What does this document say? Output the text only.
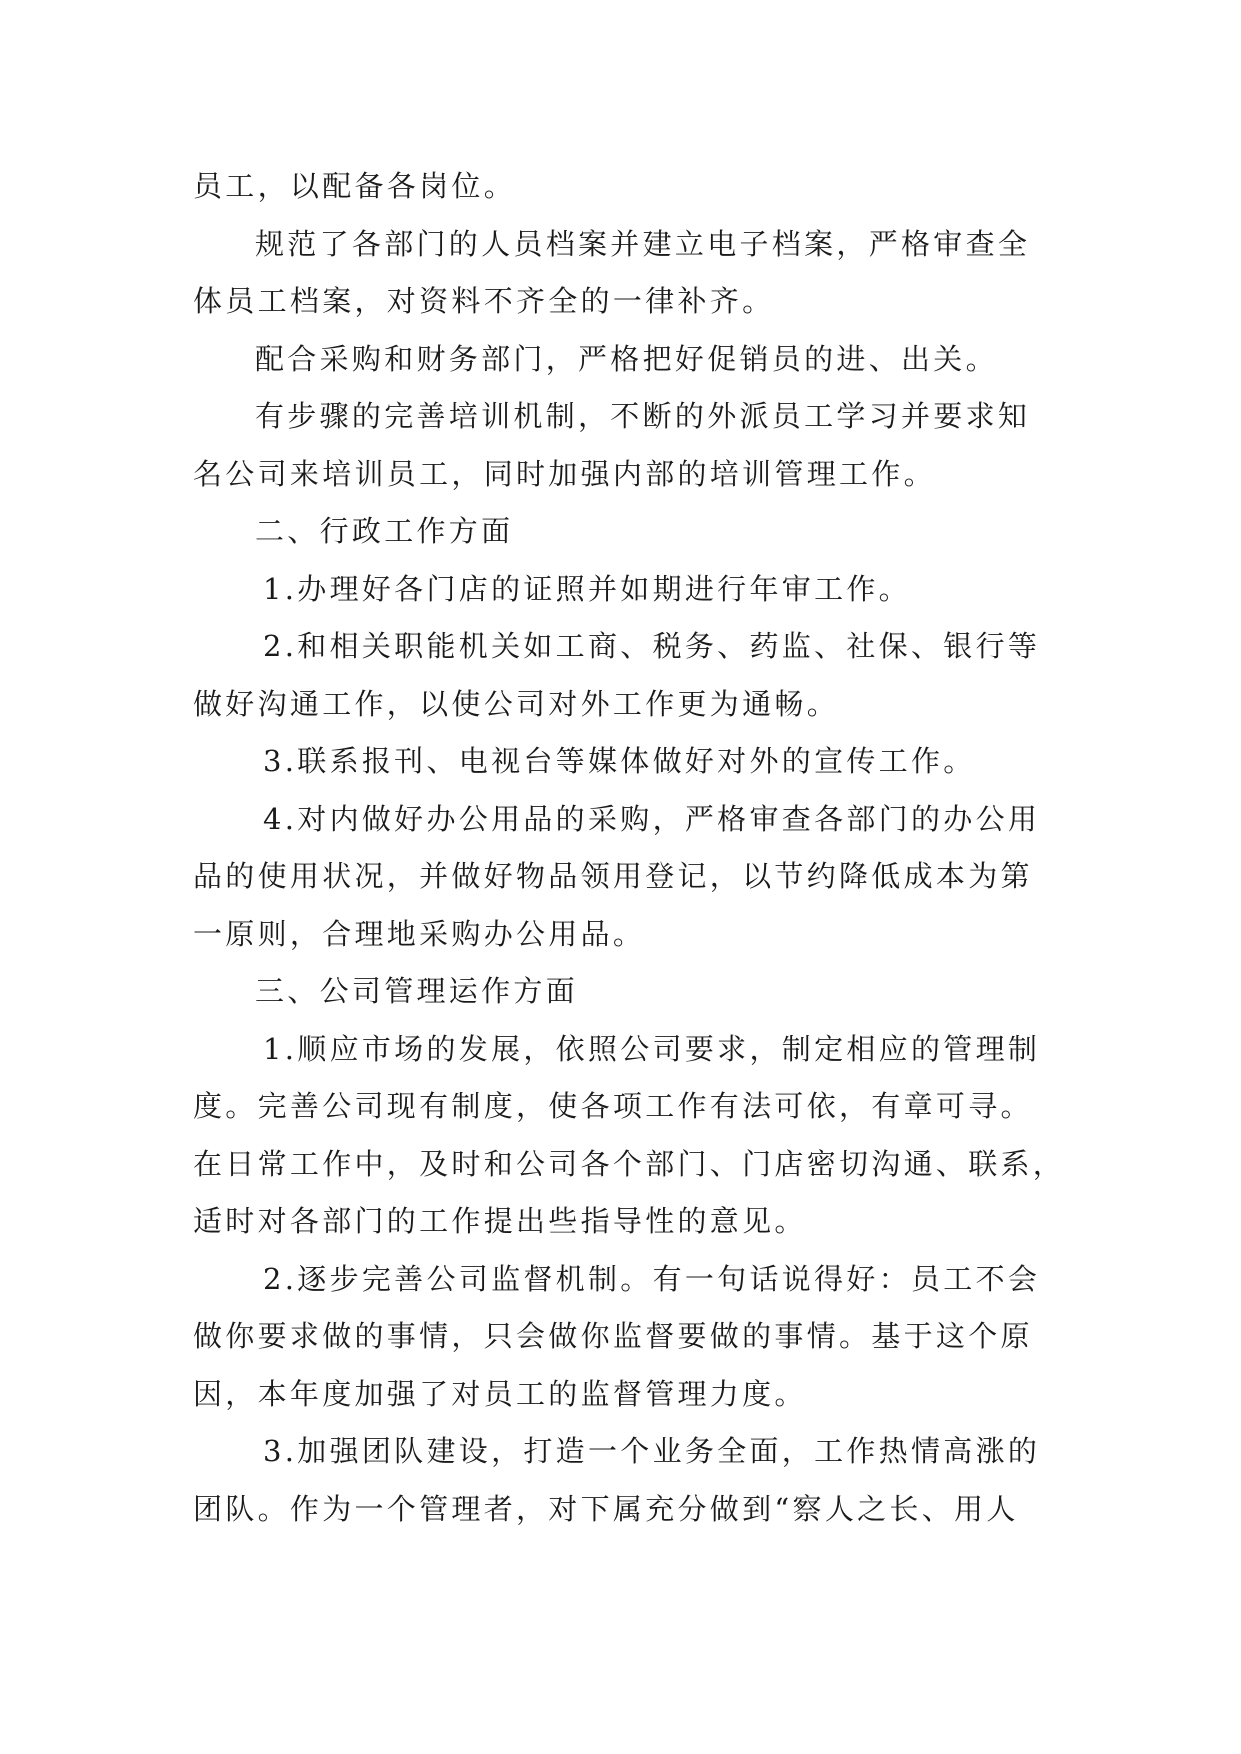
员工，以配备各岗位。
规范了各部门的人员档案并建立电子档案，严格审查全
体员工档案，对资料不齐全的一律补齐。
配合采购和财务部门，严格把好促销员的进、出关。
有步骤的完善培训机制，不断的外派员工学习并要求知
名公司来培训员工，同时加强内部的培训管理工作。
二、行政工作方面
1.办理好各门店的证照并如期进行年审工作。
2.和相关职能机关如工商、税务、药监、社保、银行等
做好沟通工作，以使公司对外工作更为通畅。
3.联系报刊、电视台等媒体做好对外的宣传工作。
4.对内做好办公用品的采购，严格审查各部门的办公用
品的使用状况，并做好物品领用登记，以节约降低成本为第
一原则，合理地采购办公用品。
三、公司管理运作方面
1.顺应市场的发展，依照公司要求，制定相应的管理制
度。完善公司现有制度，使各项工作有法可依，有章可寻。
在日常工作中，及时和公司各个部门、门店密切沟通、联系，
适时对各部门的工作提出些指导性的意见。
2.逐步完善公司监督机制。有一句话说得好：员工不会
做你要求做的事情，只会做你监督要做的事情。基于这个原
因，本年度加强了对员工的监督管理力度。
3.加强团队建设，打造一个业务全面，工作热情高涨的
团队。作为一个管理者，对下属充分做到“察人之长、用人
